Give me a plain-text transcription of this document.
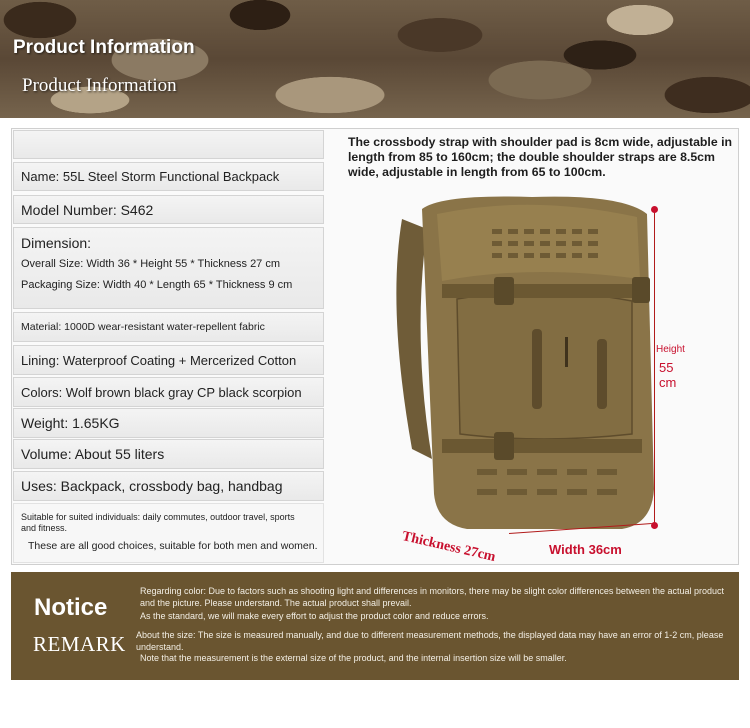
Product Information
Product Information
Name: 55L Steel Storm Functional Backpack
Model Number: S462
Dimension:
Overall Size: Width 36 * Height 55 * Thickness 27 cm
Packaging Size: Width 40 * Length 65 * Thickness 9 cm
Material: 1000D wear-resistant water-repellent fabric
Lining: Waterproof Coating + Mercerized Cotton
Colors: Wolf brown black gray CP black scorpion
Weight: 1.65KG
Volume: About 55 liters
Uses: Backpack, crossbody bag, handbag
Suitable for suited individuals: daily commutes, outdoor travel, sports and fitness.
These are all good choices, suitable for both men and women.
The crossbody strap with shoulder pad is 8cm wide, adjustable in length from 85 to 160cm; the double shoulder straps are 8.5cm wide, adjustable in length from 65 to 100cm.
Height
55
cm
Thickness 27cm	Width 36cm
Notice
REMARK
Regarding color: Due to factors such as shooting light and differences in monitors, there may be slight color differences between the actual product and the picture. Please understand. The actual product shall prevail.
As the standard, we will make every effort to adjust the product color and reduce errors.
About the size: The size is measured manually, and due to different measurement methods, the displayed data may have an error of 1-2 cm, please understand.
Note that the measurement is the external size of the product, and the internal insertion size will be smaller.
